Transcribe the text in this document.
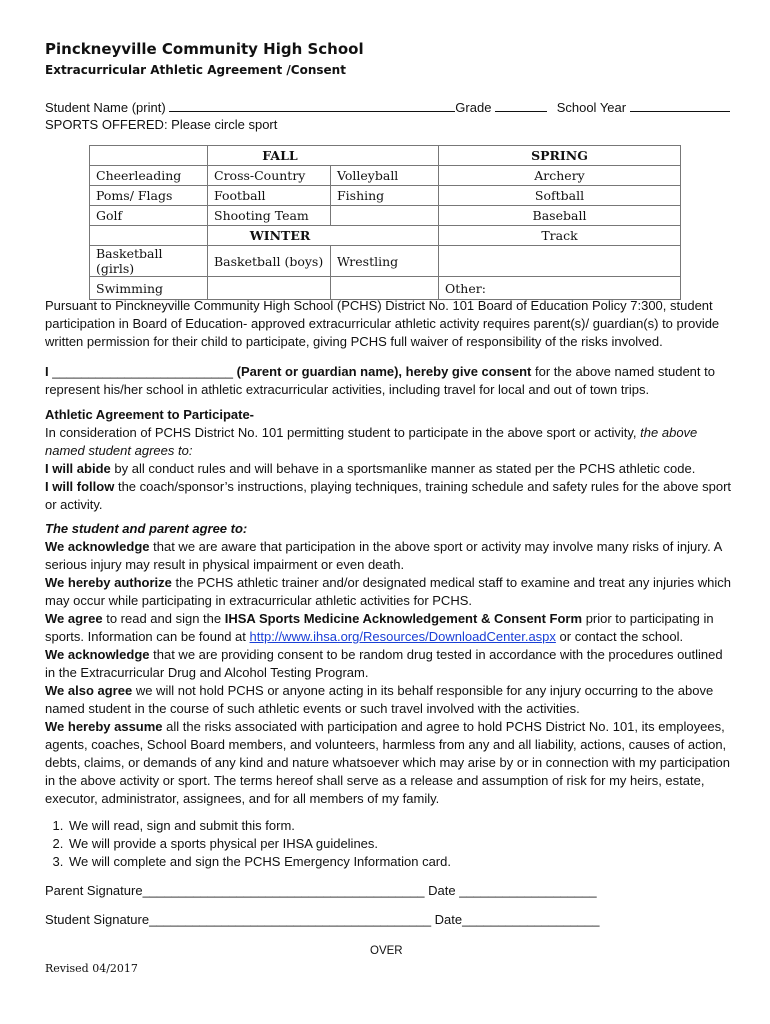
Pinckneyville Community High School
Extracurricular Athletic Agreement /Consent
Student Name (print)	Grade	School Year
SPORTS OFFERED: Please circle sport
	FALL		SPRING
Cheerleading	Cross-Country	Volleyball	Archery
Poms/ Flags	Football	Fishing	Softball
Golf	Shooting Team		Baseball
	WINTER		Track
Basketball (girls)	Basketball (boys)	Wrestling	
Swimming			Other:

Pursuant to Pinckneyville Community High School (PCHS) District No. 101 Board of Education Policy 7:300, student participation in Board of Education- approved extracurricular athletic activity requires parent(s)/ guardian(s) to provide written permission for their child to participate, giving PCHS full waiver of responsibility of the risks involved.

I _________________________ (Parent or guardian name), hereby give consent for the above named student to represent his/her school in athletic extracurricular activities, including travel for local and out of town trips.

Athletic Agreement to Participate-

In consideration of PCHS District No. 101 permitting student to participate in the above sport or activity, the above named student agrees to:

I will abide by all conduct rules and will behave in a sportsmanlike manner as stated per the PCHS athletic code.

I will follow the coach/sponsor’s instructions, playing techniques, training schedule and safety rules for the above sport or activity.

The student and parent agree to:

We acknowledge that we are aware that participation in the above sport or activity may involve many risks of injury. A serious injury may result in physical impairment or even death.

We hereby authorize the PCHS athletic trainer and/or designated medical staff to examine and treat any injuries which may occur while participating in extracurricular athletic activities for PCHS.

We agree to read and sign the IHSA Sports Medicine Acknowledgement & Consent Form prior to participating in sports. Information can be found at http://www.ihsa.org/Resources/DownloadCenter.aspx or contact the school.

We acknowledge that we are providing consent to be random drug tested in accordance with the procedures outlined in the Extracurricular Drug and Alcohol Testing Program.

We also agree we will not hold PCHS or anyone acting in its behalf responsible for any injury occurring to the above named student in the course of such athletic events or such travel involved with the activities.

We hereby assume all the risks associated with participation and agree to hold PCHS District No. 101, its employees, agents, coaches, School Board members, and volunteers, harmless from any and all liability, actions, causes of action, debts, claims, or demands of any kind and nature whatsoever which may arise by or in connection with my participation in the above activity or sport. The terms hereof shall serve as a release and assumption of risk for my heirs, estate, executor, administrator, assignees, and for all members of my family.

1. We will read, sign and submit this form.
2. We will provide a sports physical per IHSA guidelines.
3. We will complete and sign the PCHS Emergency Information card.
Parent Signature_______________________________________ Date ___________________
Student Signature_______________________________________ Date___________________
OVER
Revised 04/2017
